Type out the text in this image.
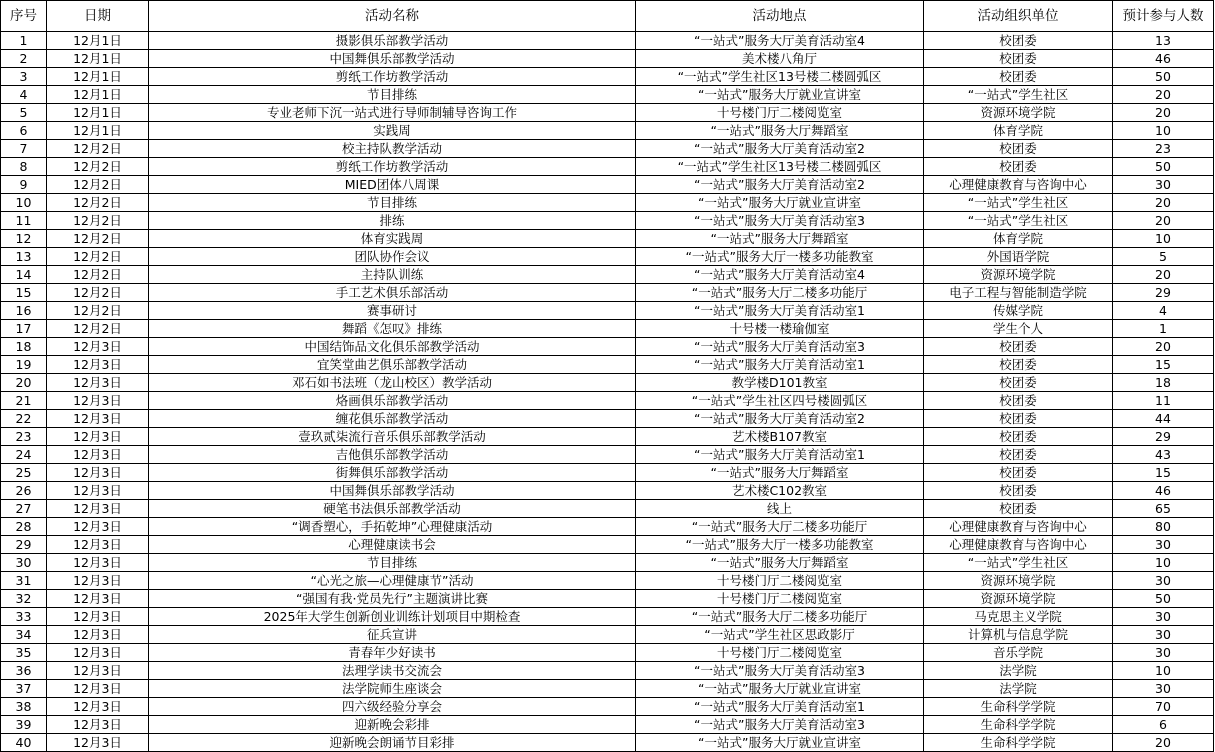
序号	日期	活动名称	活动地点	活动组织单位	预计参与人数
1	12月1日	摄影俱乐部教学活动	“一站式”服务大厅美育活动室4	校团委	13
2	12月1日	中国舞俱乐部教学活动	美术楼八角厅	校团委	46
3	12月1日	剪纸工作坊教学活动	“一站式”学生社区13号楼二楼圆弧区	校团委	50
4	12月1日	节目排练	“一站式”服务大厅就业宣讲室	“一站式”学生社区	20
5	12月1日	专业老师下沉一站式进行导师制辅导咨询工作	十号楼门厅二楼阅览室	资源环境学院	20
6	12月1日	实践周	“一站式”服务大厅舞蹈室	体育学院	10
7	12月2日	校主持队教学活动	“一站式”服务大厅美育活动室2	校团委	23
8	12月2日	剪纸工作坊教学活动	“一站式”学生社区13号楼二楼圆弧区	校团委	50
9	12月2日	MIED团体八周课	“一站式”服务大厅美育活动室2	心理健康教育与咨询中心	30
10	12月2日	节目排练	“一站式”服务大厅就业宣讲室	“一站式”学生社区	20
11	12月2日	排练	“一站式”服务大厅美育活动室3	“一站式”学生社区	20
12	12月2日	体育实践周	“一站式”服务大厅舞蹈室	体育学院	10
13	12月2日	团队协作会议	“一站式”服务大厅一楼多功能教室	外国语学院	5
14	12月2日	主持队训练	“一站式”服务大厅美育活动室4	资源环境学院	20
15	12月2日	手工艺术俱乐部活动	“一站式”服务大厅二楼多功能厅	电子工程与智能制造学院	29
16	12月2日	赛事研讨	“一站式”服务大厅美育活动室1	传媒学院	4
17	12月2日	舞蹈《怎叹》排练	十号楼一楼瑜伽室	学生个人	1
18	12月3日	中国结饰品文化俱乐部教学活动	“一站式”服务大厅美育活动室3	校团委	20
19	12月3日	宜笑堂曲艺俱乐部教学活动	“一站式”服务大厅美育活动室1	校团委	15
20	12月3日	邓石如书法班（龙山校区）教学活动	教学楼D101教室	校团委	18
21	12月3日	烙画俱乐部教学活动	“一站式”学生社区四号楼圆弧区	校团委	11
22	12月3日	缠花俱乐部教学活动	“一站式”服务大厅美育活动室2	校团委	44
23	12月3日	壹玖贰柒流行音乐俱乐部教学活动	艺术楼B107教室	校团委	29
24	12月3日	吉他俱乐部教学活动	“一站式”服务大厅美育活动室1	校团委	43
25	12月3日	街舞俱乐部教学活动	“一站式”服务大厅舞蹈室	校团委	15
26	12月3日	中国舞俱乐部教学活动	艺术楼C102教室	校团委	46
27	12月3日	硬笔书法俱乐部教学活动	线上	校团委	65
28	12月3日	“调香塑心，手拓乾坤”心理健康活动	“一站式”服务大厅二楼多功能厅	心理健康教育与咨询中心	80
29	12月3日	心理健康读书会	“一站式”服务大厅一楼多功能教室	心理健康教育与咨询中心	30
30	12月3日	节目排练	“一站式”服务大厅舞蹈室	“一站式”学生社区	10
31	12月3日	“心光之旅—心理健康节”活动	十号楼门厅二楼阅览室	资源环境学院	30
32	12月3日	“强国有我·党员先行”主题演讲比赛	十号楼门厅二楼阅览室	资源环境学院	50
33	12月3日	2025年大学生创新创业训练计划项目中期检查	“一站式”服务大厅二楼多功能厅	马克思主义学院	30
34	12月3日	征兵宣讲	“一站式”学生社区思政影厅	计算机与信息学院	30
35	12月3日	青春年少好读书	十号楼门厅二楼阅览室	音乐学院	30
36	12月3日	法理学读书交流会	“一站式”服务大厅美育活动室3	法学院	10
37	12月3日	法学院师生座谈会	“一站式”服务大厅就业宣讲室	法学院	30
38	12月3日	四六级经验分享会	“一站式”服务大厅美育活动室1	生命科学学院	70
39	12月3日	迎新晚会彩排	“一站式”服务大厅美育活动室3	生命科学学院	6
40	12月3日	迎新晚会朗诵节目彩排	“一站式”服务大厅就业宣讲室	生命科学学院	20
